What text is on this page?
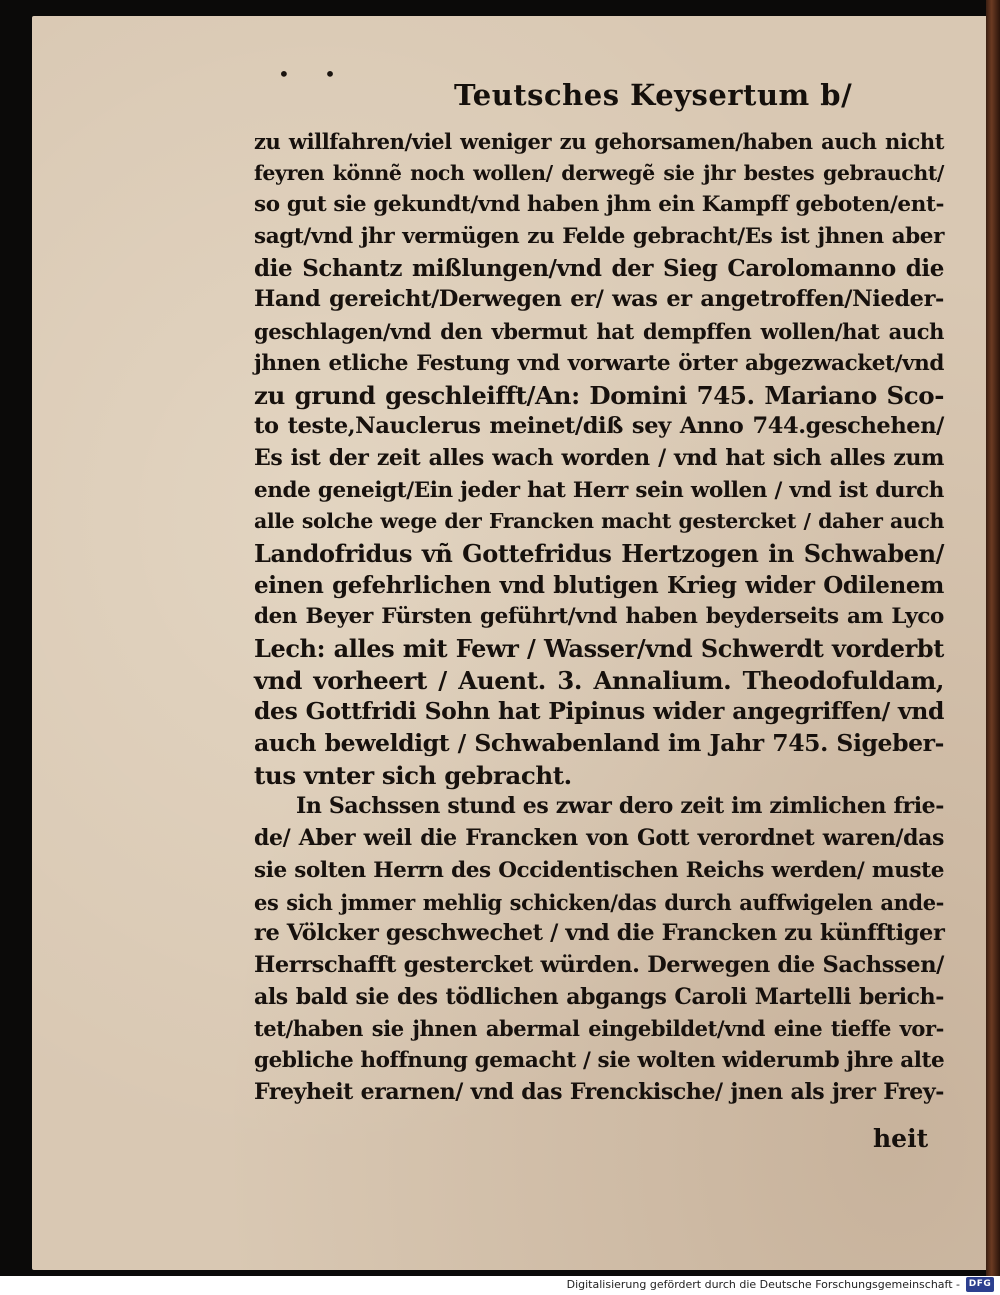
• •
Teutsches Keysertum b/
zu willfahren/viel weniger zu gehorsamen/haben auch nicht
feyren könnẽ noch wollen/ derwegẽ sie jhr bestes gebraucht/
so gut sie gekundt/vnd haben jhm ein Kampff geboten/ent-
sagt/vnd jhr vermügen zu Felde gebracht/Es ist jhnen aber
die Schantz mißlungen/vnd der Sieg Carolomanno die
Hand gereicht/Derwegen er/ was er angetroffen/Nieder-
geschlagen/vnd den vbermut hat dempffen wollen/hat auch
jhnen etliche Festung vnd vorwarte örter abgezwacket/vnd
zu grund geschleifft/An: Domini 745. Mariano Sco-
to teste,Nauclerus meinet/diß sey Anno 744.geschehen/
Es ist der zeit alles wach worden / vnd hat sich alles zum
ende geneigt/Ein jeder hat Herr sein wollen / vnd ist durch
alle solche wege der Francken macht gestercket / daher auch
Landofridus vñ Gottefridus Hertzogen in Schwaben/
einen gefehrlichen vnd blutigen Krieg wider Odilenem
den Beyer Fürsten geführt/vnd haben beyderseits am Lyco
Lech: alles mit Fewr / Wasser/vnd Schwerdt vorderbt
vnd vorheert / Auent. 3. Annalium. Theodofuldam,
des Gottfridi Sohn hat Pipinus wider angegriffen/ vnd
auch beweldigt / Schwabenland im Jahr 745. Sigeber-
tus vnter sich gebracht.
In Sachssen stund es zwar dero zeit im zimlichen frie-
de/ Aber weil die Francken von Gott verordnet waren/das
sie solten Herrn des Occidentischen Reichs werden/ muste
es sich jmmer mehlig schicken/das durch auffwigelen ande-
re Völcker geschwechet / vnd die Francken zu künfftiger
Herrschafft gestercket würden. Derwegen die Sachssen/
als bald sie des tödlichen abgangs Caroli Martelli berich-
tet/haben sie jhnen abermal eingebildet/vnd eine tieffe vor-
gebliche hoffnung gemacht / sie wolten widerumb jhre alte
Freyheit erarnen/ vnd das Frenckische/ jnen als jrer Frey-
heit
Digitalisierung gefördert durch die Deutsche Forschungsgemeinschaft - DFG
